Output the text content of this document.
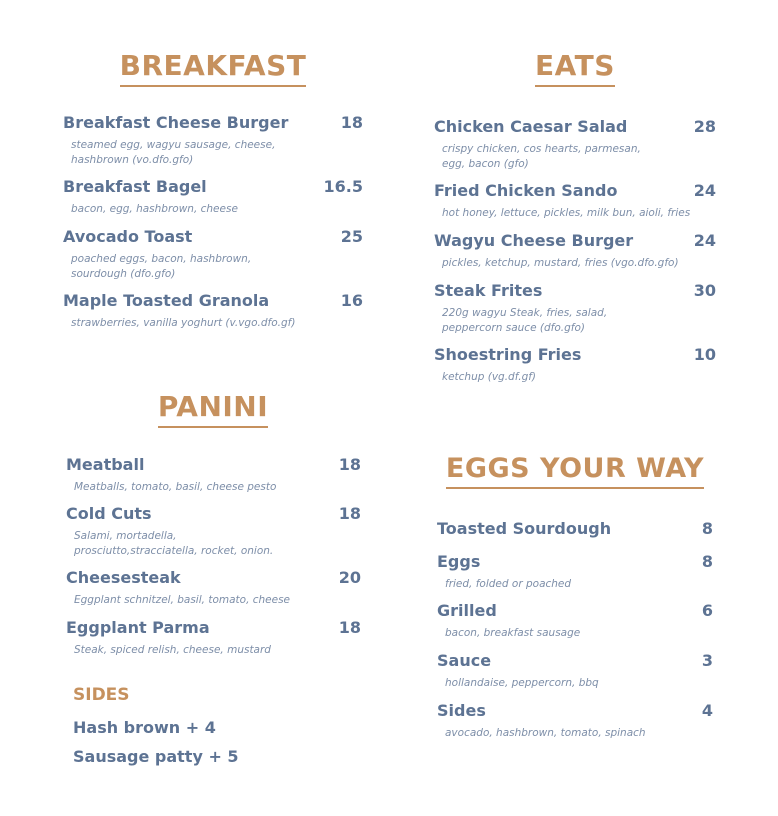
BREAKFAST
Breakfast Cheese Burger	18
steamed egg, wagyu sausage, cheese, hashbrown (vo.dfo.gfo)
Breakfast Bagel	16.5
bacon, egg, hashbrown, cheese
Avocado Toast	25
poached eggs, bacon, hashbrown, sourdough (dfo.gfo)
Maple Toasted Granola	16
strawberries, vanilla yoghurt (v.vgo.dfo.gf)
EATS
Chicken Caesar Salad	28
crispy chicken, cos hearts, parmesan, egg, bacon (gfo)
Fried Chicken Sando	24
hot honey, lettuce, pickles, milk bun, aioli, fries
Wagyu Cheese Burger	24
pickles, ketchup, mustard, fries (vgo.dfo.gfo)
Steak Frites	30
220g wagyu Steak, fries, salad, peppercorn sauce (dfo.gfo)
Shoestring Fries	10
ketchup (vg.df.gf)
PANINI
Meatball	18
Meatballs, tomato, basil, cheese pesto
Cold Cuts	18
Salami, mortadella, prosciutto,stracciatella, rocket, onion.
Cheesesteak	20
Eggplant schnitzel, basil, tomato, cheese
Eggplant Parma	18
Steak, spiced relish, cheese, mustard
SIDES
Hash brown + 4
Sausage patty + 5
EGGS YOUR WAY
Toasted Sourdough	8
Eggs	8
fried, folded or poached
Grilled	6
bacon, breakfast sausage
Sauce	3
hollandaise, peppercorn, bbq
Sides	4
avocado, hashbrown, tomato, spinach
